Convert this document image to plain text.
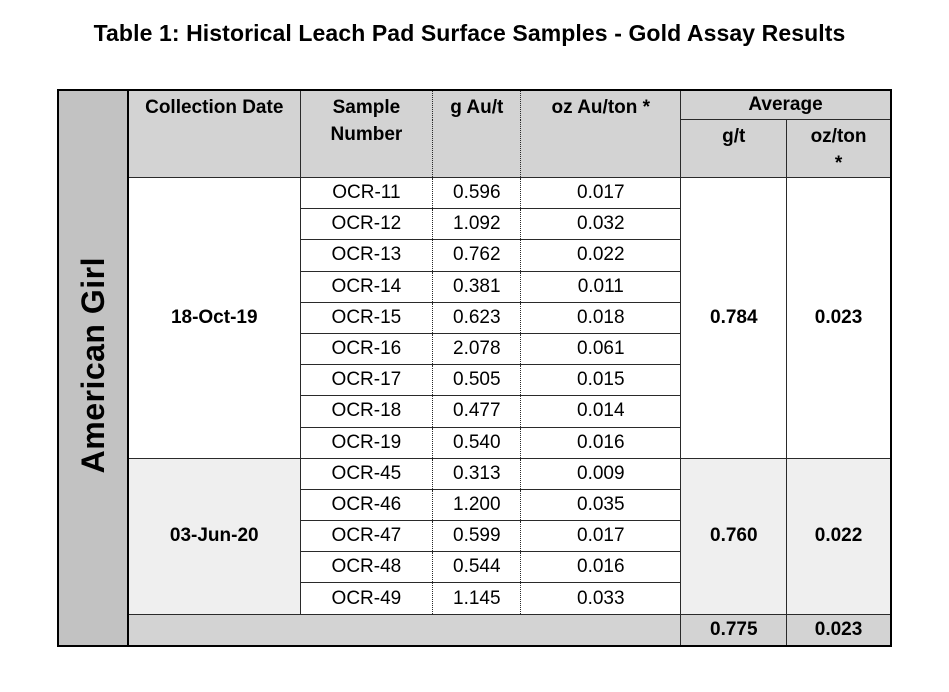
Table 1: Historical Leach Pad Surface Samples - Gold Assay Results
American Girl	Collection Date	Sample Number	g Au/t	oz Au/ton *	Average	

					g/t	oz/ton *

	18-Oct-19	OCR-11	0.596	0.017	0.784	0.023
		OCR-12	1.092	0.032		
		OCR-13	0.762	0.022		
		OCR-14	0.381	0.011		
		OCR-15	0.623	0.018		
		OCR-16	2.078	0.061		
		OCR-17	0.505	0.015		
		OCR-18	0.477	0.014		
		OCR-19	0.540	0.016		
	03-Jun-20	OCR-45	0.313	0.009	0.760	0.022
		OCR-46	1.200	0.035		
		OCR-47	0.599	0.017		
		OCR-48	0.544	0.016		
		OCR-49	1.145	0.033		
					0.775	0.023
